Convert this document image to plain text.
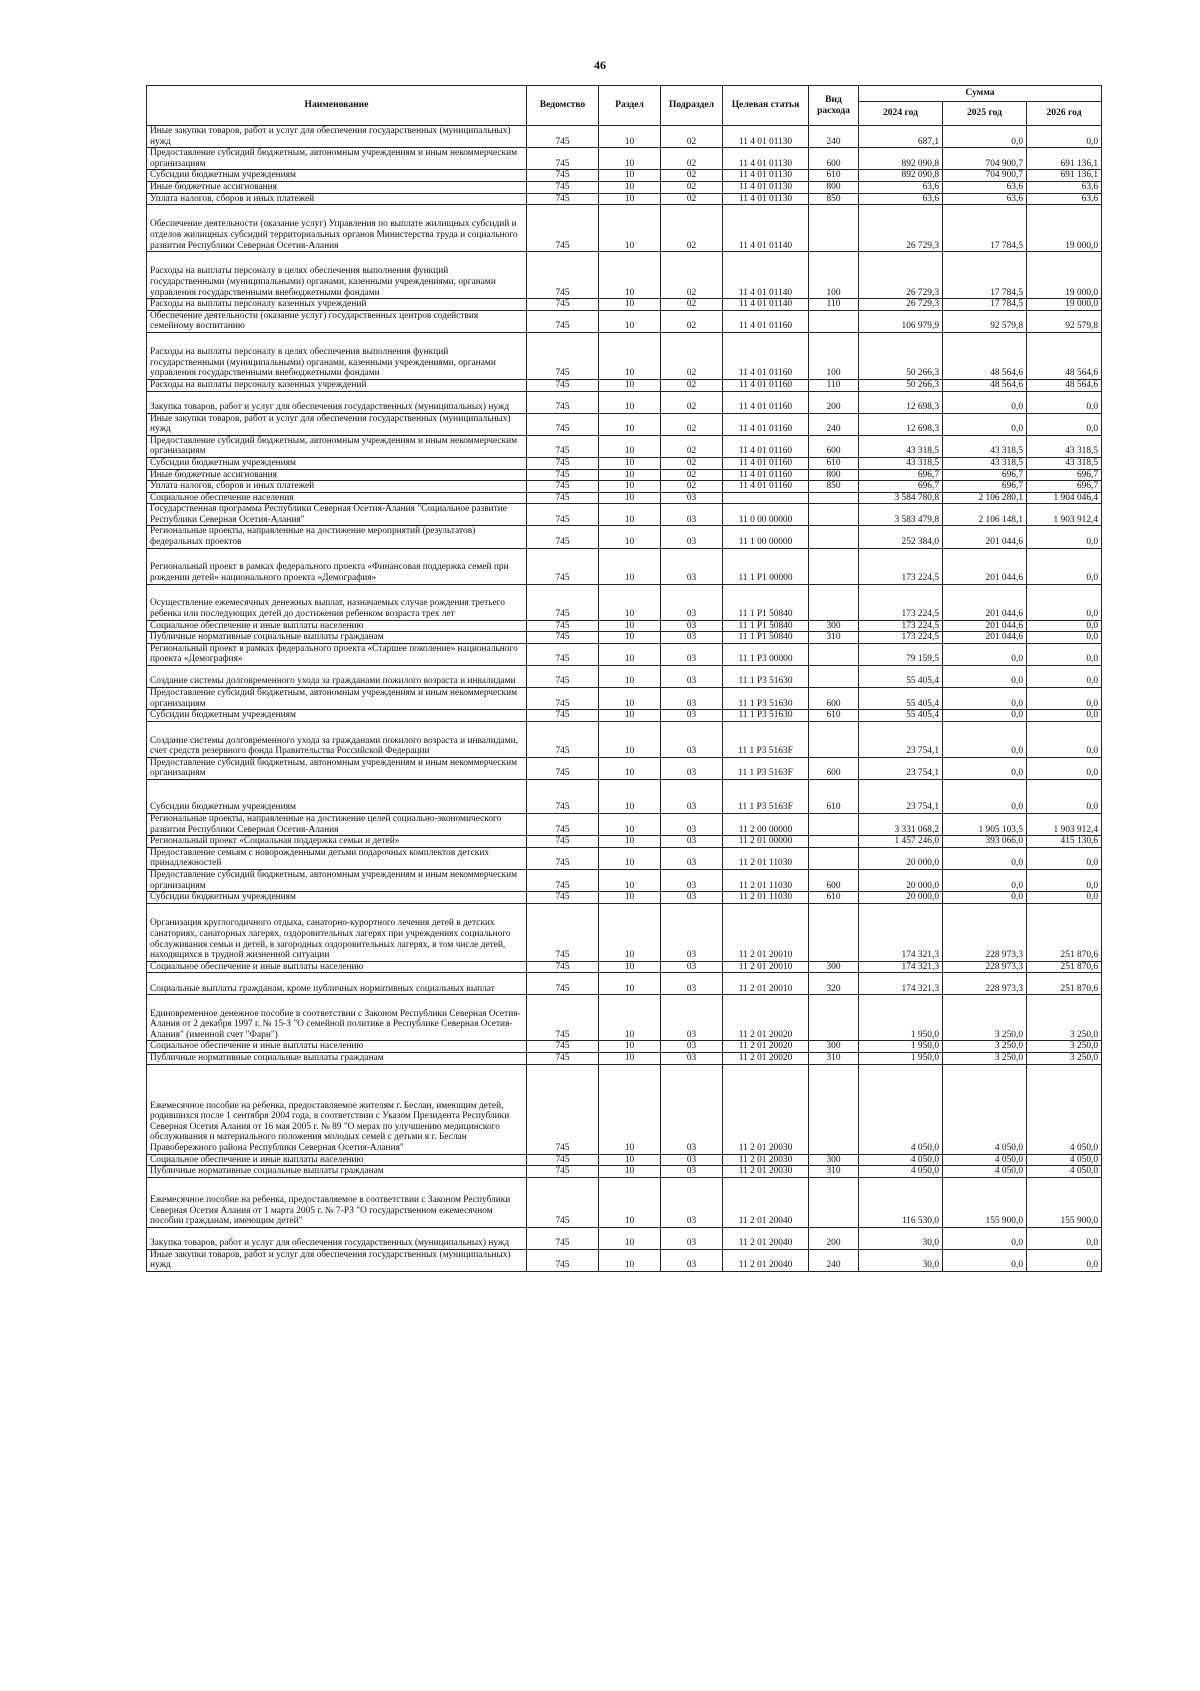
46
Наименование	Ведомство	Раздел	Подраздел	Целевая статья	Вид расхода	Сумма		
						2024 год	2025 год	2026 год
Иные закупки товаров, работ и услуг для обеспечения государственных (муниципальных) нужд	745	10	02	11 4 01 01130	240	687,1	0,0	0,0
Предоставление субсидий бюджетным, автономным учреждениям и иным некоммерческим организациям	745	10	02	11 4 01 01130	600	892 090,8	704 900,7	691 136,1
Субсидии бюджетным учреждениям	745	10	02	11 4 01 01130	610	892 090,8	704 900,7	691 136,1
Иные бюджетные ассигнования	745	10	02	11 4 01 01130	800	63,6	63,6	63,6
Уплата налогов, сборов и иных платежей	745	10	02	11 4 01 01130	850	63,6	63,6	63,6
Обеспечение деятельности (оказание услуг) Управления по выплате жилищных субсидий и отделов жилищных субсидий территориальных органов Министерства труда и социального развития Республики Северная Осетия-Алания	745	10	02	11 4 01 01140		26 729,3	17 784,5	19 000,0
Расходы на выплаты персоналу в целях обеспечения выполнения функций государственными (муниципальными) органами, казенными учреждениями, органами управления государственными внебюджетными фондами	745	10	02	11 4 01 01140	100	26 729,3	17 784,5	19 000,0
Расходы на выплаты персоналу казенных учреждений	745	10	02	11 4 01 01140	110	26 729,3	17 784,5	19 000,0
Обеспечение деятельности (оказание услуг) государственных центров содействия семейному воспитанию	745	10	02	11 4 01 01160		106 979,9	92 579,8	92 579,8
Расходы на выплаты персоналу в целях обеспечения выполнения функций государственными (муниципальными) органами, казенными учреждениями, органами управления государственными внебюджетными фондами	745	10	02	11 4 01 01160	100	50 266,3	48 564,6	48 564,6
Расходы на выплаты персоналу казенных учреждений	745	10	02	11 4 01 01160	110	50 266,3	48 564,6	48 564,6
Закупка товаров, работ и услуг для обеспечения государственных (муниципальных) нужд	745	10	02	11 4 01 01160	200	12 698,3	0,0	0,0
Иные закупки товаров, работ и услуг для обеспечения государственных (муниципальных) нужд	745	10	02	11 4 01 01160	240	12 698,3	0,0	0,0
Предоставление субсидий бюджетным, автономным учреждениям и иным некоммерческим организациям	745	10	02	11 4 01 01160	600	43 318,5	43 318,5	43 318,5
Субсидии бюджетным учреждениям	745	10	02	11 4 01 01160	610	43 318,5	43 318,5	43 318,5
Иные бюджетные ассигнования	745	10	02	11 4 01 01160	800	696,7	696,7	696,7
Уплата налогов, сборов и иных платежей	745	10	02	11 4 01 01160	850	696,7	696,7	696,7
Социальное обеспечение населения	745	10	03			3 584 780,8	2 106 280,1	1 904 046,4
Государственная программа Республики Северная Осетия-Алания "Социальное развитие Республики Северная Осетия-Алания"	745	10	03	11 0 00 00000		3 583 479,8	2 106 148,1	1 903 912,4
Региональные проекты, направленные на достижение мероприятий (результатов) федеральных проектов	745	10	03	11 1 00 00000		252 384,0	201 044,6	0,0
Региональный проект в рамках федерального проекта «Финансовая поддержка семей при рождении детей» национального проекта «Демография»	745	10	03	11 1 Р1 00000		173 224,5	201 044,6	0,0
Осуществление ежемесячных денежных выплат, назначаемых случае рождения третьего ребенка или последующих детей до достижения ребенком возраста трех лет	745	10	03	11 1 Р1 50840		173 224,5	201 044,6	0,0
Социальное обеспечение и иные выплаты населению	745	10	03	11 1 Р1 50840	300	173 224,5	201 044,6	0,0
Публичные нормативные социальные выплаты гражданам	745	10	03	11 1 Р1 50840	310	173 224,5	201 044,6	0,0
Региональный проект в рамках федерального проекта «Старшее поколение» национального проекта «Демография»	745	10	03	11 1 Р3 00000		79 159,5	0,0	0,0
Создание системы долговременного ухода за гражданами пожилого возраста и инвалидами	745	10	03	11 1 Р3 51630		55 405,4	0,0	0,0
Предоставление субсидий бюджетным, автономным учреждениям и иным некоммерческим организациям	745	10	03	11 1 Р3 51630	600	55 405,4	0,0	0,0
Субсидии бюджетным учреждениям	745	10	03	11 1 Р3 51630	610	55 405,4	0,0	0,0
Создание системы долговременного ухода за гражданами пожилого возраста и инвалидами, счет средств резервного фонда Правительства Российской Федерации	745	10	03	11 1 Р3 5163F		23 754,1	0,0	0,0
Предоставление субсидий бюджетным, автономным учреждениям и иным некоммерческим организациям	745	10	03	11 1 Р3 5163F	600	23 754,1	0,0	0,0
Субсидии бюджетным учреждениям	745	10	03	11 1 Р3 5163F	610	23 754,1	0,0	0,0
Региональные проекты, направленные на достижение целей социально-экономического развития Республики Северная Осетия-Алания	745	10	03	11 2 00 00000		3 331 068,2	1 905 103,5	1 903 912,4
Региональный проект «Социальная поддержка семьи и детей»	745	10	03	11 2 01 00000		1 457 246,0	393 066,0	415 130,6
Предоставление семьям с новорожденными детьми подарочных комплектов детских принадлежностей	745	10	03	11 2 01 11030		20 000,0	0,0	0,0
Предоставление субсидий бюджетным, автономным учреждениям и иным некоммерческим организациям	745	10	03	11 2 01 11030	600	20 000,0	0,0	0,0
Субсидии бюджетным учреждениям	745	10	03	11 2 01 11030	610	20 000,0	0,0	0,0
Организация круглогодичного отдыха, санаторно-курортного лечения детей в детских санаториях, санаторных лагерях, оздоровительных лагерях при учреждениях социального обслуживания семьи и детей, в загородных оздоровительных лагерях, в том числе детей, находящихся в трудной жизненной ситуации	745	10	03	11 2 01 20010		174 321,3	228 973,3	251 870,6
Социальное обеспечение и иные выплаты населению	745	10	03	11 2 01 20010	300	174 321,3	228 973,3	251 870,6
Социальные выплаты гражданам, кроме публичных нормативных социальных выплат	745	10	03	11 2 01 20010	320	174 321,3	228 973,3	251 870,6
Единовременное денежное пособие в соответствии с Законом Республики Северная Осетия-Алания от 2 декабря 1997 г. № 15-З "О семейной политике в Республике Северная Осетия-Алания" (именной счет "Фарн")	745	10	03	11 2 01 20020		1 950,0	3 250,0	3 250,0
Социальное обеспечение и иные выплаты населению	745	10	03	11 2 01 20020	300	1 950,0	3 250,0	3 250,0
Публичные нормативные социальные выплаты гражданам	745	10	03	11 2 01 20020	310	1 950,0	3 250,0	3 250,0
Ежемесячное пособие на ребенка, предоставляемое жителям г. Беслан, имеющим детей, родившихся после 1 сентября 2004 года, в соответствии с Указом Президента Республики Северная Осетия Алания от 16 мая 2005 г. № 89 "О мерах по улучшению медицинского обслуживания и материального положения молодых семей с детьми в г. Беслан Правобережного района Республики Северная Осетия-Алания"	745	10	03	11 2 01 20030		4 050,0	4 050,0	4 050,0
Социальное обеспечение и иные выплаты населению	745	10	03	11 2 01 20030	300	4 050,0	4 050,0	4 050,0
Публичные нормативные социальные выплаты гражданам	745	10	03	11 2 01 20030	310	4 050,0	4 050,0	4 050,0
Ежемесячное пособие на ребенка, предоставляемое в соответствии с Законом Республики Северная Осетия Алания от 1 марта 2005 г. № 7-РЗ "О государственном ежемесячном пособии гражданам, имеющим детей"	745	10	03	11 2 01 20040		116 530,0	155 900,0	155 900,0
Закупка товаров, работ и услуг для обеспечения государственных (муниципальных) нужд	745	10	03	11 2 01 20040	200	30,0	0,0	0,0
Иные закупки товаров, работ и услуг для обеспечения государственных (муниципальных) нужд	745	10	03	11 2 01 20040	240	30,0	0,0	0,0
